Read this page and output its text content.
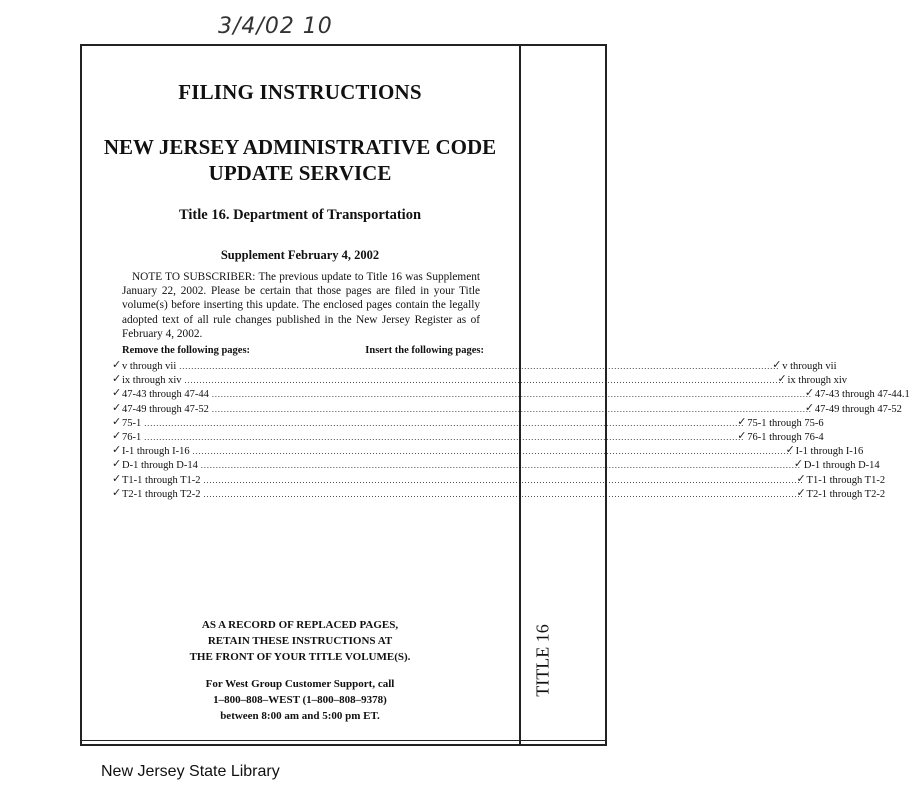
3/4/02 10
TITLE 16
FILING INSTRUCTIONS
NEW JERSEY ADMINISTRATIVE CODE
UPDATE SERVICE
Title 16. Department of Transportation
Supplement February 4, 2002
NOTE TO SUBSCRIBER: The previous update to Title 16 was Supplement January 22, 2002. Please be certain that those pages are filed in your Title volume(s) before inserting this update. The enclosed pages contain the legally adopted text of all rule changes published in the New Jersey Register as of February 4, 2002.
Remove the following pages:	Insert the following pages:
✓ v through vii ........................................................................................................................................................................................................ ✓ v through vii
✓ ix through xiv ........................................................................................................................................................................................................ ✓ ix through xiv
✓ 47-43 through 47-44 ........................................................................................................................................................................................................ ✓ 47-43 through 47-44.1
✓ 47-49 through 47-52 ........................................................................................................................................................................................................ ✓ 47-49 through 47-52
✓ 75-1 ........................................................................................................................................................................................................ ✓ 75-1 through 75-6
✓ 76-1 ........................................................................................................................................................................................................ ✓ 76-1 through 76-4
✓ I-1 through I-16 ........................................................................................................................................................................................................ ✓ I-1 through I-16
✓ D-1 through D-14 ........................................................................................................................................................................................................ ✓ D-1 through D-14
✓ T1-1 through T1-2 ........................................................................................................................................................................................................ ✓ T1-1 through T1-2
✓ T2-1 through T2-2 ........................................................................................................................................................................................................ ✓ T2-1 through T2-2
AS A RECORD OF REPLACED PAGES,
RETAIN THESE INSTRUCTIONS AT
THE FRONT OF YOUR TITLE VOLUME(S).
For West Group Customer Support, call
1–800–808–WEST (1–800–808–9378)
between 8:00 am and 5:00 pm ET.
New Jersey State Library
